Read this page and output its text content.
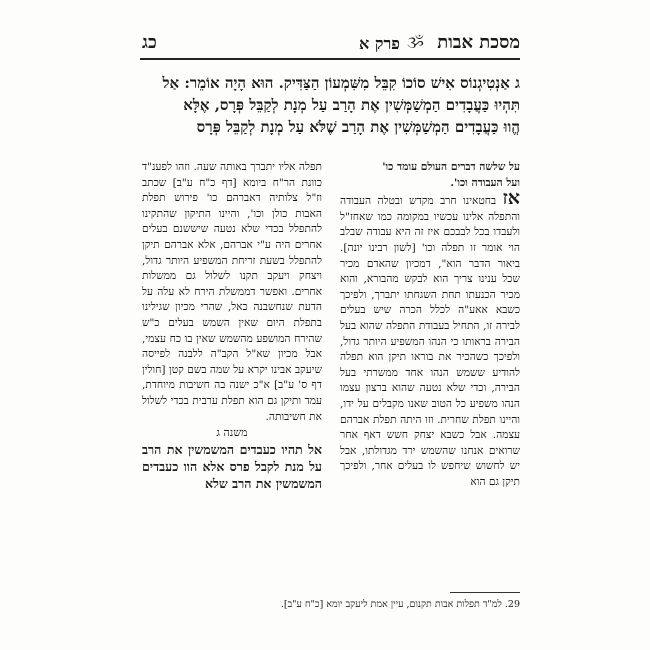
מסכת אבות
ૐ
פרק א
כג

ג אַנְטִיגְנוֹס אִישׁ סוֹכוֹ קִבֵּל מִשִּׁמְעוֹן הַצַּדִּיק. הוּא הָיָה אוֹמֵר: אַל

תִּהְיוּ כַּעֲבָדִים הַמְשַׁמְּשִׁין אֶת הָרַב עַל מְנָת לְקַבֵּל פְּרָס, אֶלָּא

הֱווּ כַּעֲבָדִים הַמְשַׁמְּשִׁין אֶת הָרַב שֶׁלֹּא עַל מְנָת לְקַבֵּל פְּרָס

על שלשה דברים העולם עומד כו'

ועל העבודה וכו'.

אז בחטאינו חרב מקדש ובטלה העבודה והתפלה אלינו עכשיו במקומה כמו שאחז"ל ולעבדו בכל לבבכם איז זה היא עבודה שבלב הוי אומר זו תפלה וכו' [לשון רבינו יונה]. ביאור הדבר הוא", דמכיון שהאדם מכיר שכל ענינו צריך הוא לבקש מהבורא, והוא מכיר הכנעתו תחת השגחתו יתברך, ולפיכך כשבא אאע"ה לכלל הכרה שיש בעלים לבירה זו, התחיל בעבודת התפלה שהוא בעל הבירה בראותו כי הנהו המשפיע היותר גדול, ולפיכך כשהכיר את בוראו תיקן הוא תפלה להודיע ששמש הנהו אחד ממשרתי בעל הבירה, וכדי שלא נטעה שהוא ברצון עצמו הנהו משפיע כל הטוב שאנו מקבלים על ידו, והיינו תפלת שחרית. וזו היתה תפלת אברהם עצמה. אבל כשבא יצחק חשש דאף אחר שרואים אנחנו שהשמש ירד מגדולתו, אבל יש לחשוש שיחפש לו בעלים אחר, ולפיכך תיקן גם הוא

תפלה אליו יתברך באותה שעה. וזהו לפענ"ד כוונת הר"ח ביומא [דף כ"ח ע"ב] שכתב וז"ל צלותיה דאברהם כו' פירוש תפלת האבות כולן וכו', והיינו התיקון שהתקינו להתפלל בכדי שלא נטעה שיששנם בעלים אחרים היה ע"י אברהם, אלא אברהם תיקן להתפלל בשעת זריחת המשפיע היותר גדול, ויצחק ויעקב תקנו לשלול גם ממשלות אחרים. ואפשר דממשלת הירח לא עלה על הדעת שנחשבנה כאל, שהרי מכיון שגילינו בתפלת היום שאין השמש בעלים כ"ש שהירח המושפע מהשמש שאין בו כח עצמי, אבל מכיון שא"ל הקב"ה ללבנה לפייסה שיעקב אבינו יקרא על שמה בשם קטן [חולין דף ס' ע"ב] א"כ ישנה בה חשיבות מיוחדת, עמד ותיקן גם הוא תפלת ערבית בכדי לשלול את חשיבותה.

משנה ג

אל תהיו כעבדים המשמשין את הרב על מנת לקבל פרס אלא הוו כעבדים המשמשין את הרב שלא

29. למ"ד תפלות אבות תקנום, עיין אמת ליעקב יומא [כ"ח ע"ב].
